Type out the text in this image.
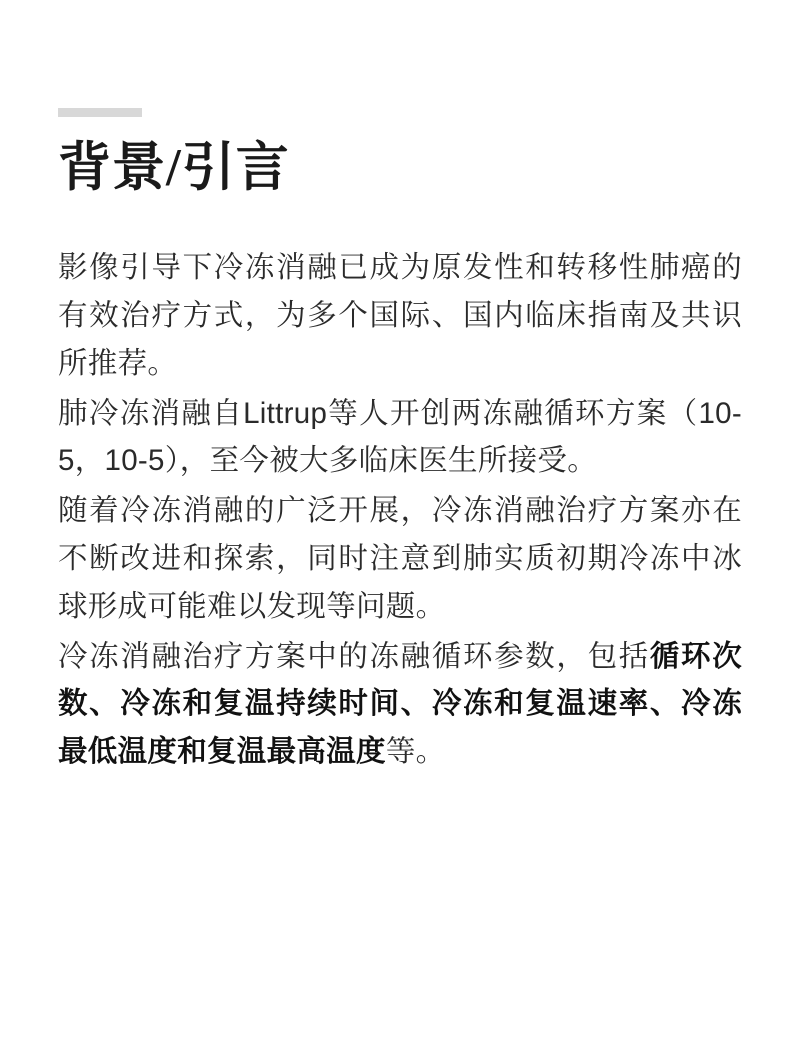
背景/引言

影像引导下冷冻消融已成为原发性和转移性肺癌的有效治疗方式，为多个国际、国内临床指南及共识所推荐。

肺冷冻消融自Littrup等人开创两冻融循环方案（10-5，10-5），至今被大多临床医生所接受。

随着冷冻消融的广泛开展，冷冻消融治疗方案亦在不断改进和探索，同时注意到肺实质初期冷冻中冰球形成可能难以发现等问题。

冷冻消融治疗方案中的冻融循环参数，包括循环次数、冷冻和复温持续时间、冷冻和复温速率、冷冻最低温度和复温最高温度等。
